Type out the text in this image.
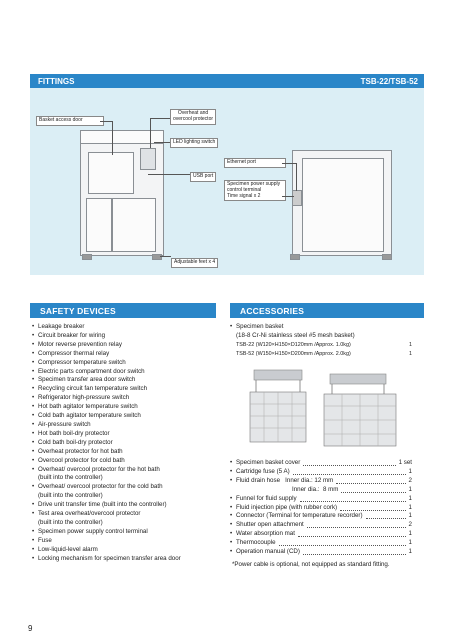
FITTINGS	TSB-22/TSB-52
Basket access door
Overheat and
overcool protector
LED lighting switch
USB port
Ethernet port
Specimen power supply
control terminal
Time signal x 2
Adjustable feet x 4
SAFETY DEVICES
• Leakage breaker
• Circuit breaker for wiring
• Motor reverse prevention relay
• Compressor thermal relay
• Compressor temperature switch
• Electric parts compartment door switch
• Specimen transfer area door switch
• Recycling circuit fan temperature switch
• Refrigerator high-pressure switch
• Hot bath agitator temperature switch
• Cold bath agitator temperature switch
• Air-pressure switch
• Hot bath boil-dry protector
• Cold bath boil-dry protector
• Overheat protector for hot bath
• Overcool protector for cold bath
• Overheat/ overcool protector for the hot bath
(built into the controller)
• Overheat/ overcool protector for the cold bath
(built into the controller)
• Drive unit transfer time (built into the controller)
• Test area overheat/overcool protector
(built into the controller)
• Specimen power supply control terminal
• Fuse
• Low-liquid-level alarm
• Locking mechanism for specimen transfer area door
ACCESSORIES
• Specimen basket
(18-8 Cr-Ni stainless steel #5 mesh basket)
TSB-22 (W120×H150×D120mm /Approx. 1.0kg)	1
TSB-52 (W150×H150×D200mm /Approx. 2.0kg)	1
• Specimen basket cover	1 set
• Cartridge fuse (5 A)	1
• Fluid drain hose   Inner dia.: 12 mm	2
Inner dia.:  8 mm	1
• Funnel for fluid supply	1
• Fluid injection pipe (with rubber cork)	1
• Connector (Terminal for temperature recorder)	1
• Shutter open attachment	2
• Water absorption mat	1
• Thermocouple	1
• Operation manual (CD)	1
*Power cable is optional, not equipped as standard fitting.
9
